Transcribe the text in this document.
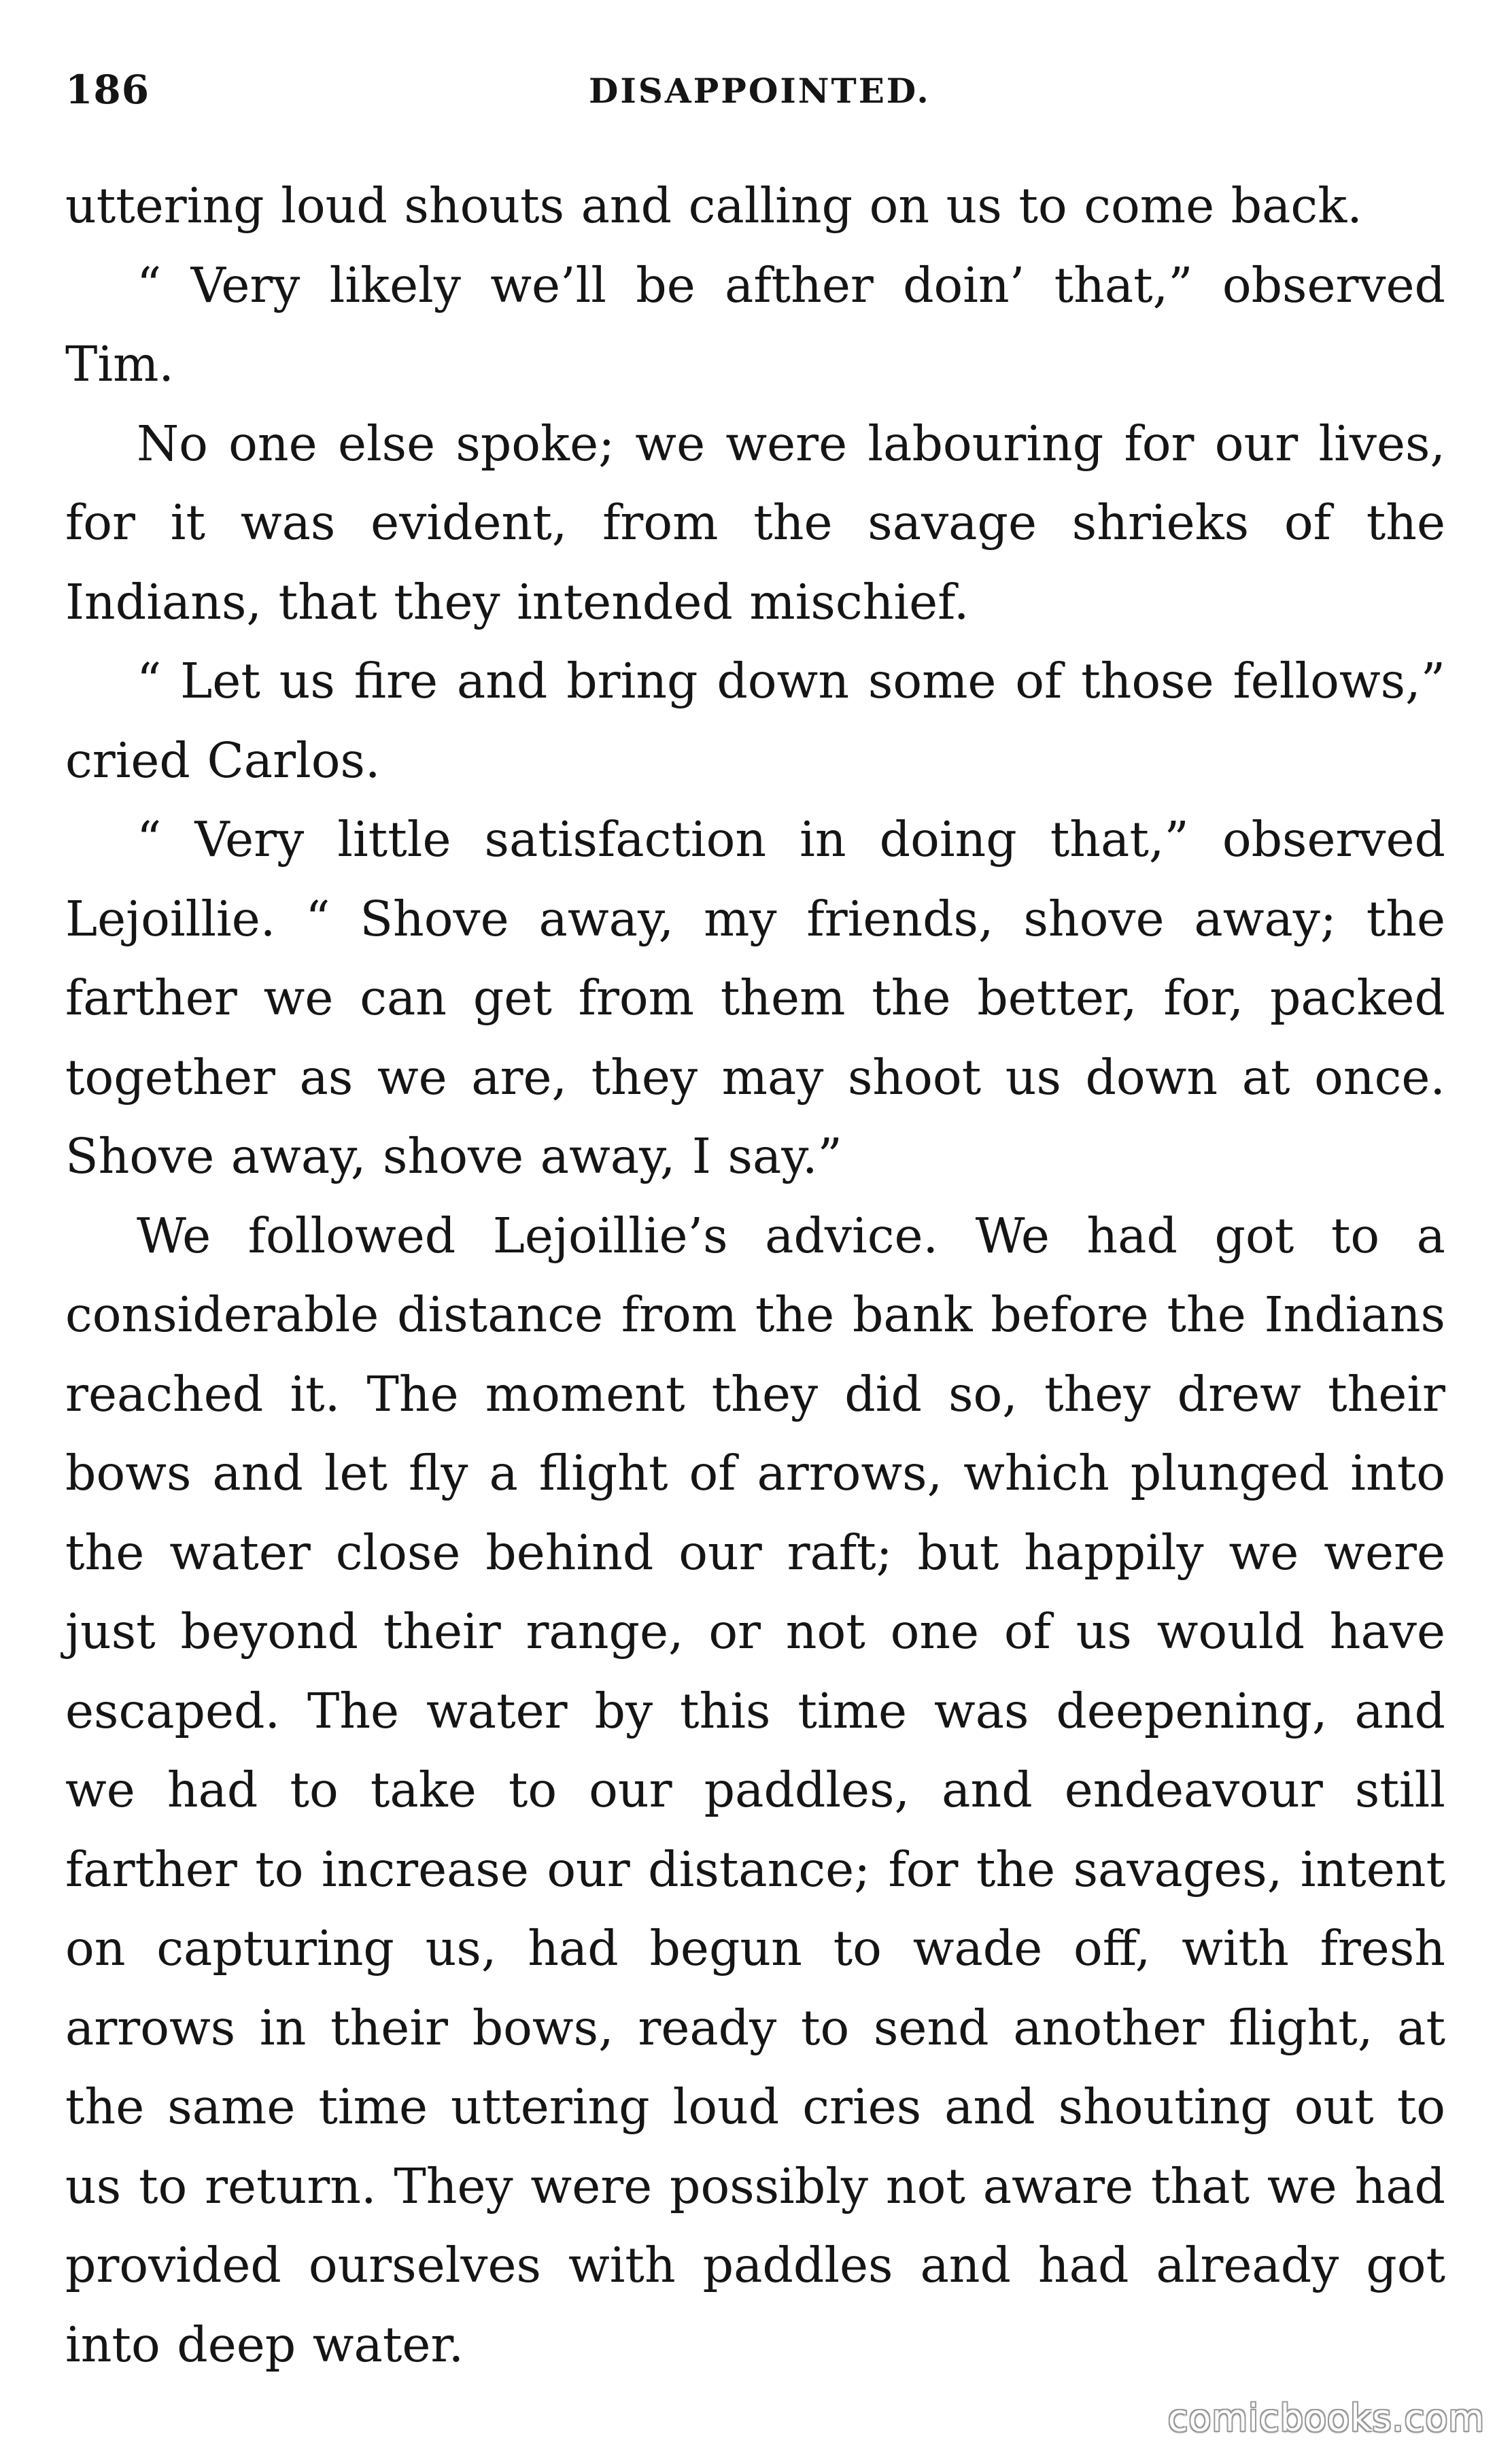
186	DISAPPOINTED.

uttering loud shouts and calling on us to come back.

“ Very likely we’ll be afther doin’ that,” observed Tim.

No one else spoke; we were labouring for our lives, for it was evident, from the savage shrieks of the Indians, that they intended mischief.

“ Let us fire and bring down some of those fellows,” cried Carlos.

“ Very little satisfaction in doing that,” observed Lejoillie. “ Shove away, my friends, shove away; the farther we can get from them the better, for, packed together as we are, they may shoot us down at once. Shove away, shove away, I say.”

We followed Lejoillie’s advice. We had got to a considerable distance from the bank before the Indians reached it. The moment they did so, they drew their bows and let fly a flight of arrows, which plunged into the water close behind our raft; but happily we were just beyond their range, or not one of us would have escaped. The water by this time was deepening, and we had to take to our paddles, and endeavour still farther to increase our distance; for the savages, intent on capturing us, had begun to wade off, with fresh arrows in their bows, ready to send another flight, at the same time uttering loud cries and shouting out to us to return. They were possibly not aware that we had provided ourselves with paddles and had already got into deep water.

comicbooks.com
